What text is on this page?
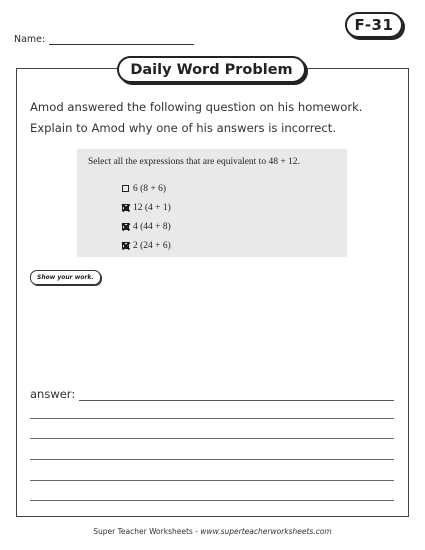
Name:
F-31
Daily Word Problem
Amod answered the following question on his homework.
Explain to Amod why one of his answers is incorrect.
Select all the expressions that are equivalent to 48 + 12.
6 (8 + 6)
12 (4 + 1)
4 (44 + 8)
2 (24 + 6)
Show your work.
answer:
Super Teacher Worksheets - www.superteacherworksheets.com
